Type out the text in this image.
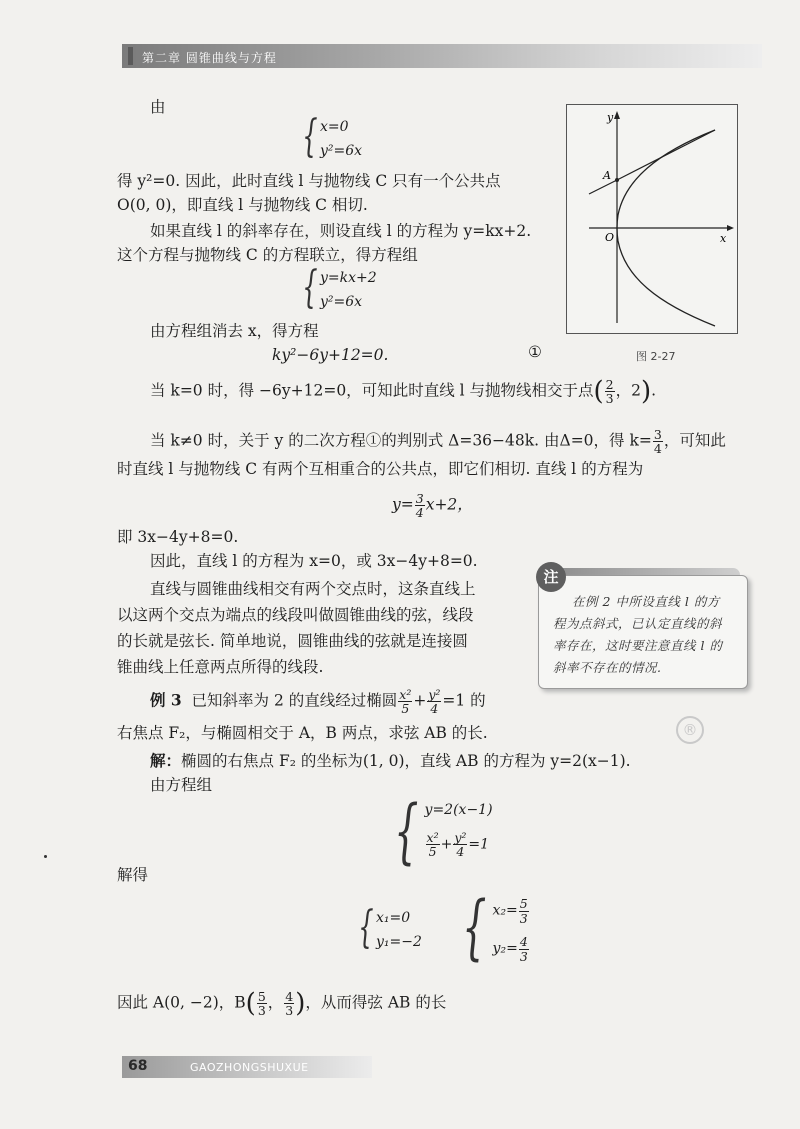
第二章 圆锥曲线与方程
y
x
A
O
图 2-27
由
{ x=0
y²=6x
得 y²=0. 因此，此时直线 l 与抛物线 C 只有一个公共点
O(0, 0)，即直线 l 与抛物线 C 相切.
如果直线 l 的斜率存在，则设直线 l 的方程为 y=kx+2.
这个方程与抛物线 C 的方程联立，得方程组
{ y=kx+2
y²=6x
由方程组消去 x，得方程
ky²−6y+12=0.	①
当 k=0 时，得 −6y+12=0，可知此时直线 l 与抛物线相交于点( $\frac{2}{3}$ ，2).
当 k≠0 时，关于 y 的二次方程①的判别式 Δ=36−48k. 由Δ=0，得 $k= \frac{3}{4}$ ，可知此
时直线 l 与抛物线 C 有两个互相重合的公共点，即它们相切. 直线 l 的方程为
$y= \frac{3}{4} x+2$，
即 3x−4y+8=0.
因此，直线 l 的方程为 x=0，或 3x−4y+8=0.
直线与圆锥曲线相交有两个交点时，这条直线上
以这两个交点为端点的线段叫做圆锥曲线的弦，线段
的长就是弦长. 简单地说，圆锥曲线的弦就是连接圆
锥曲线上任意两点所得的线段.
注
在例 2 中所设直线 l 的方
程为点斜式，已认定直线的斜
率存在，这时要注意直线 l 的
斜率不存在的情况.
例 3 已知斜率为 2 的直线经过椭圆 $\frac{\text{x²}}{5} + \frac{\text{y²}}{4} =1$ 的
右焦点 F₂，与椭圆相交于 A，B 两点，求弦 AB 的长.
解：椭圆的右焦点 F₂ 的坐标为(1, 0)，直线 AB 的方程为 y=2(x−1).
由方程组
{ y=2(x−1)
$\frac{\text{x²}}{5} + \frac{\text{y²}}{4} =1$
解得
{ x₁=0
y₁=−2 { $x_2= \frac{5}{3}$
$y_2= \frac{4}{3}$
因此 A(0, −2)，$B( \frac{5}{3}$ ， $\frac{4}{3}$ )，从而得弦 AB 的长
®
68	GAOZHONGSHUXUE
